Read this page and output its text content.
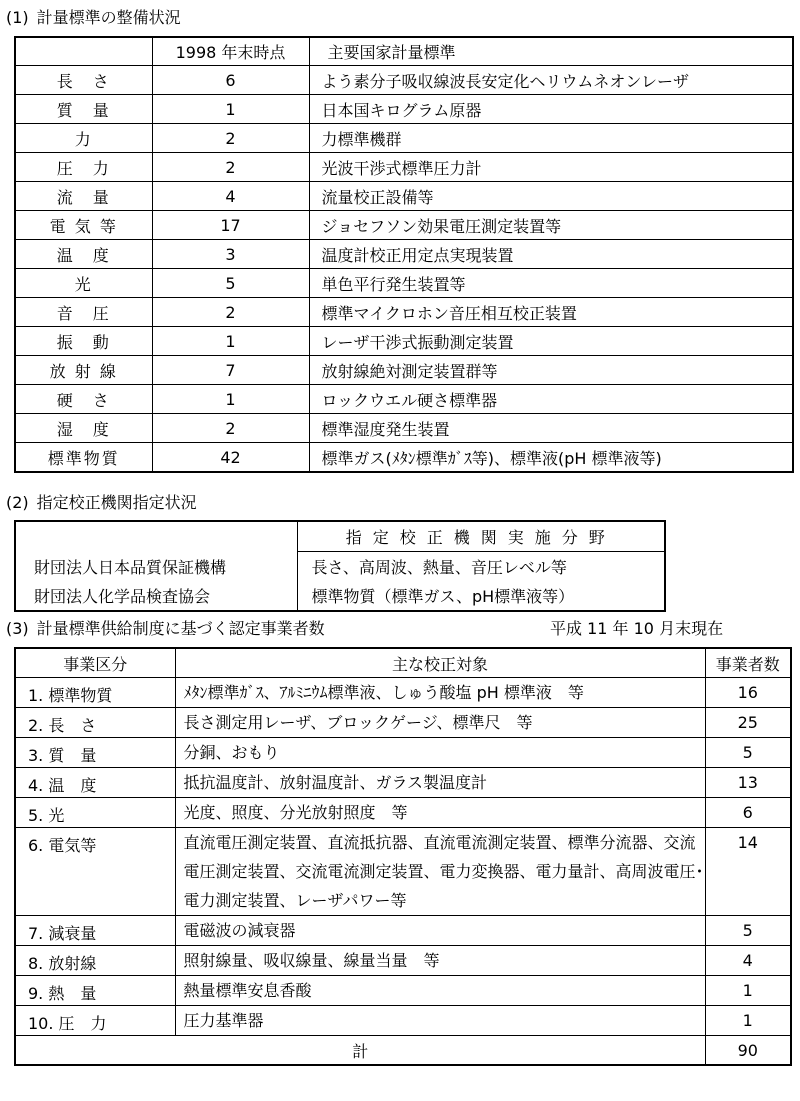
(1) 計量標準の整備状況
	1998 年末時点	主要国家計量標準
長　さ	6	よう素分子吸収線波長安定化ヘリウムネオンレーザ
質　量	1	日本国キログラム原器
力	2	力標準機群
圧　力	2	光波干渉式標準圧力計
流　量	4	流量校正設備等
電 気 等	17	ジョセフソン効果電圧測定装置等
温　度	3	温度計校正用定点実現装置
光	5	単色平行発生装置等
音　圧	2	標準マイクロホン音圧相互校正装置
振　動	1	レーザ干渉式振動測定装置
放 射 線	7	放射線絶対測定装置群等
硬　さ	1	ロックウエル硬さ標準器
湿　度	2	標準湿度発生装置
標準物質	42	標準ガス(ﾒﾀﾝ標準ｶﾞｽ等)、標準液(pH 標準液等)
(2) 指定校正機関指定状況
	指定校正機関実施分野
財団法人日本品質保証機構	長さ、高周波、熱量、音圧レベル等
財団法人化学品検査協会	標準物質（標準ガス、pH標準液等）
(3) 計量標準供給制度に基づく認定事業者数	平成 11 年 10 月末現在
事業区分	主な校正対象	事業者数
1. 標準物質	ﾒﾀﾝ標準ｶﾞｽ、ｱﾙﾐﾆｳﾑ標準液、しゅう酸塩 pH 標準液　等	16
2. 長　さ	長さ測定用レーザ、ブロックゲージ、標準尺　等	25
3. 質　量	分銅、おもり	5
4. 温　度	抵抗温度計、放射温度計、ガラス製温度計	13
5. 光	光度、照度、分光放射照度　等	6
6. 電気等	直流電圧測定装置、直流抵抗器、直流電流測定装置、標準分流器、交流電圧測定装置、交流電流測定装置、電力変換器、電力量計、高周波電圧･電力測定装置、レーザパワー等	14
7. 減衰量	電磁波の減衰器	5
8. 放射線	照射線量、吸収線量、線量当量　等	4
9. 熱　量	熱量標準安息香酸	1
10. 圧　力	圧力基準器	1
計		90
